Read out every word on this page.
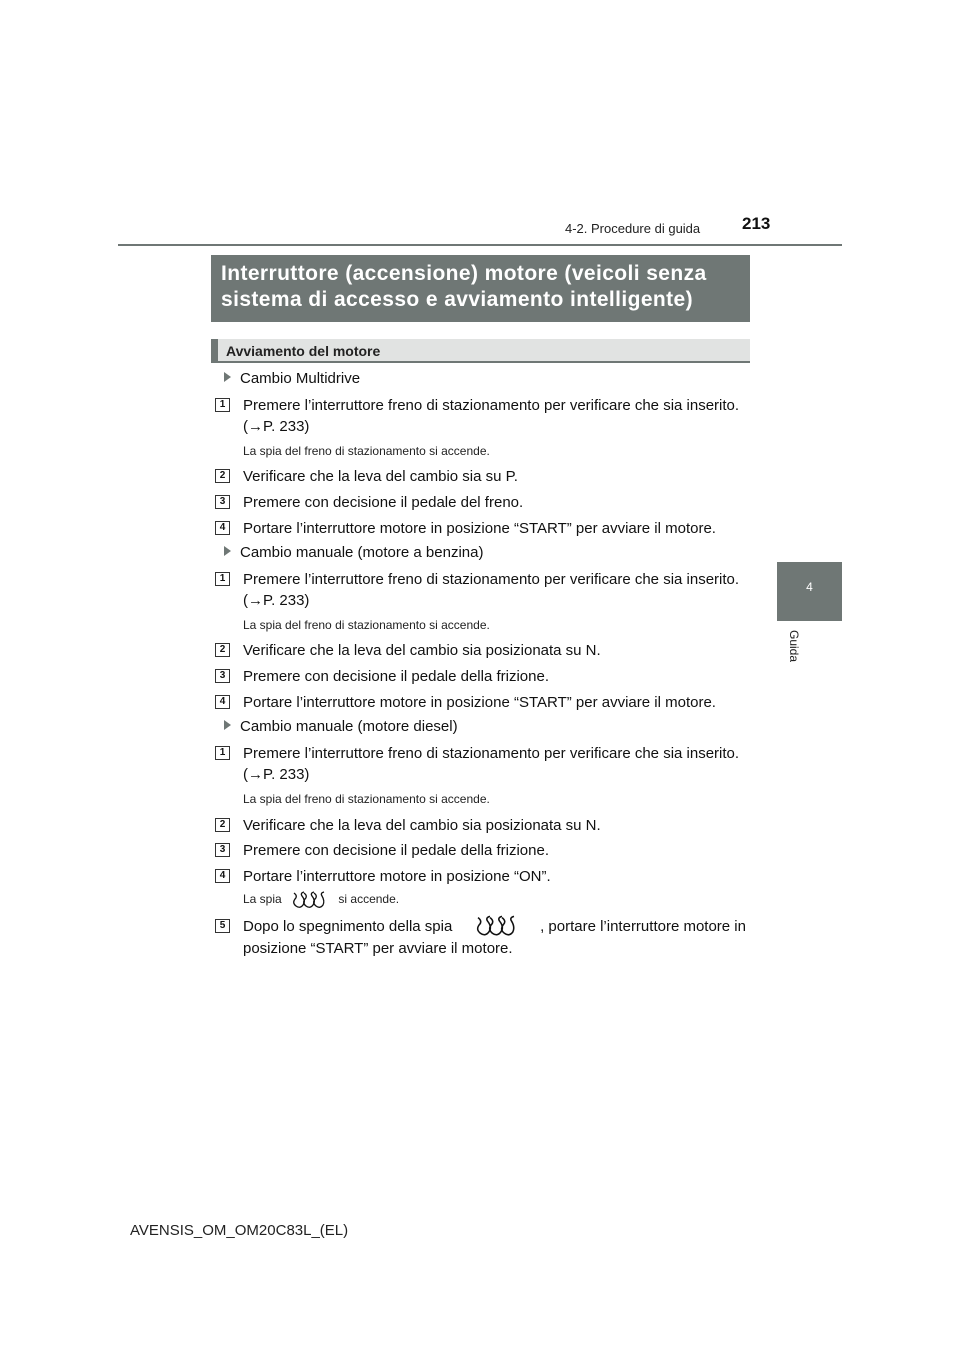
4-2. Procedure di guida 213
4
Guida
Interruttore (accensione) motore (veicoli senza
sistema di accesso e avviamento intelligente)
Avviamento del motore
Cambio Multidrive
1	Premere l’interruttore freno di stazionamento per verificare che sia inserito.
(→P. 233)
La spia del freno di stazionamento si accende.
2	Verificare che la leva del cambio sia su P.
3	Premere con decisione il pedale del freno.
4	Portare l’interruttore motore in posizione “START” per avviare il motore.
Cambio manuale (motore a benzina)
1	Premere l’interruttore freno di stazionamento per verificare che sia inserito.
(→P. 233)
La spia del freno di stazionamento si accende.
2	Verificare che la leva del cambio sia posizionata su N.
3	Premere con decisione il pedale della frizione.
4	Portare l’interruttore motore in posizione “START” per avviare il motore.
Cambio manuale (motore diesel)
1	Premere l’interruttore freno di stazionamento per verificare che sia inserito.
(→P. 233)
La spia del freno di stazionamento si accende.
2	Verificare che la leva del cambio sia posizionata su N.
3	Premere con decisione il pedale della frizione.
4	Portare l’interruttore motore in posizione “ON”.
La spia	si accende.
5	Dopo lo spegnimento della spia	, portare l’interruttore motore in
posizione “START” per avviare il motore.
AVENSIS_OM_OM20C83L_(EL)
